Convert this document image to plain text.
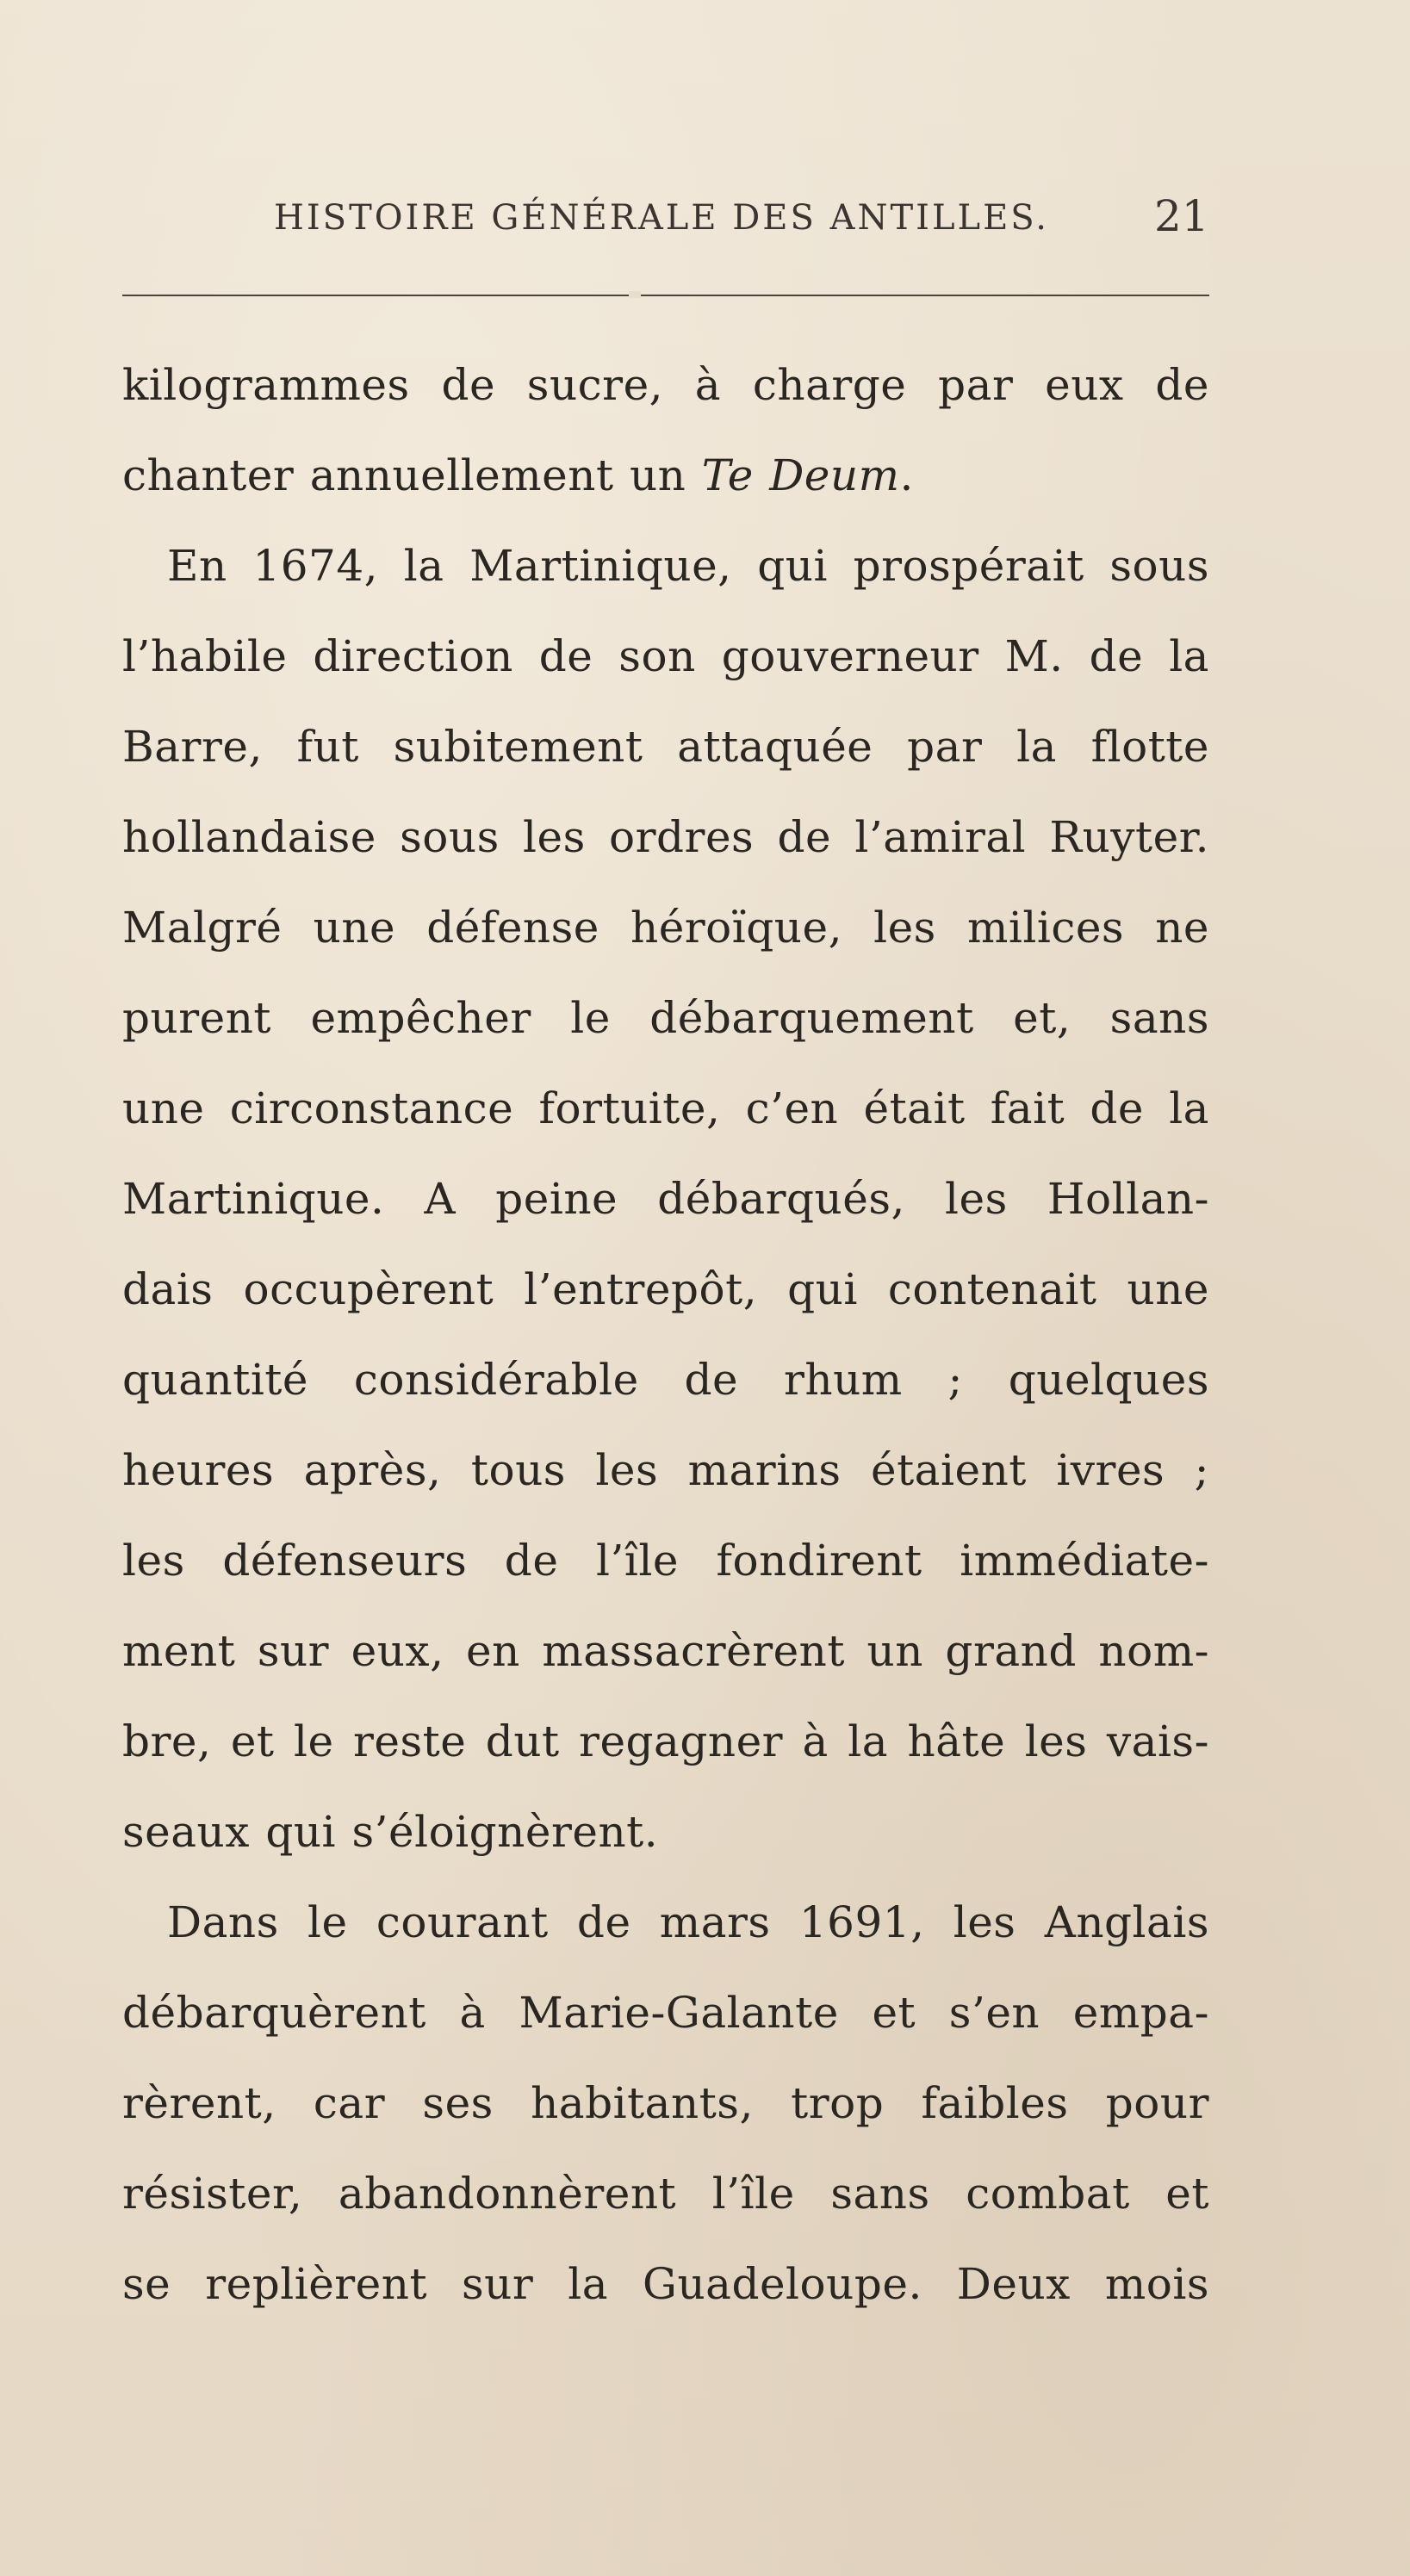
HISTOIRE GÉNÉRALE DES ANTILLES. 21
kilogrammes de sucre, à charge par eux de
chanter annuellement un Te Deum.
En 1674, la Martinique, qui prospérait sous
l’habile direction de son gouverneur M. de la
Barre, fut subitement attaquée par la flotte
hollandaise sous les ordres de l’amiral Ruyter.
Malgré une défense héroïque, les milices ne
purent empêcher le débarquement et, sans
une circonstance fortuite, c’en était fait de la
Martinique. A peine débarqués, les Hollan-
dais occupèrent l’entrepôt, qui contenait une
quantité considérable de rhum ; quelques
heures après, tous les marins étaient ivres ;
les défenseurs de l’île fondirent immédiate-
ment sur eux, en massacrèrent un grand nom-
bre, et le reste dut regagner à la hâte les vais-
seaux qui s’éloignèrent.
Dans le courant de mars 1691, les Anglais
débarquèrent à Marie-Galante et s’en empa-
rèrent, car ses habitants, trop faibles pour
résister, abandonnèrent l’île sans combat et
se replièrent sur la Guadeloupe. Deux mois
